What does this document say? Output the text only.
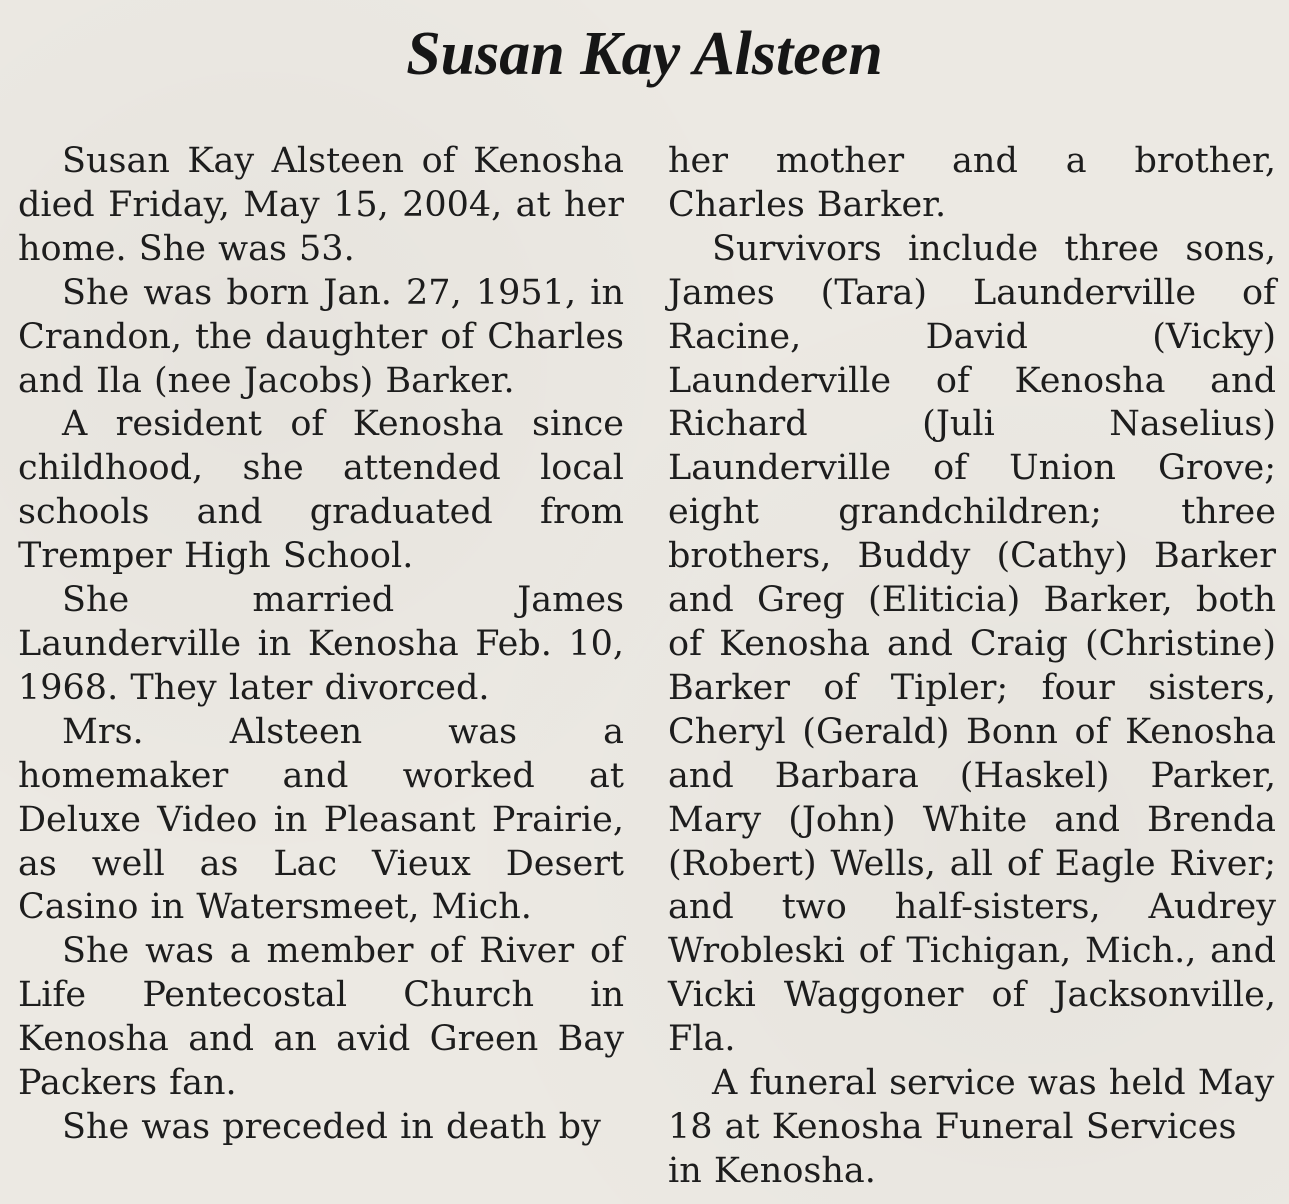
Susan Kay Alsteen

Susan Kay Alsteen of Kenosha died Friday, May 15, 2004, at her home. She was 53.

She was born Jan. 27, 1951, in Crandon, the daughter of Charles and Ila (nee Jacobs) Barker.

A resident of Kenosha since childhood, she attended local schools and graduated from Tremper High School.

She married James Launderville in Kenosha Feb. 10, 1968. They later divorced.

Mrs. Alsteen was a homemaker and worked at Deluxe Video in Pleasant Prairie, as well as Lac Vieux Desert Casino in Watersmeet, Mich.

She was a member of River of Life Pentecostal Church in Kenosha and an avid Green Bay Packers fan.

She was preceded in death by

her mother and a brother, Charles Barker.

Survivors include three sons, James (Tara) Launderville of Racine, David (Vicky) Launderville of Kenosha and Richard (Juli Naselius) Launderville of Union Grove; eight grandchildren; three brothers, Buddy (Cathy) Barker and Greg (Eliticia) Barker, both of Kenosha and Craig (Christine) Barker of Tipler; four sisters, Cheryl (Gerald) Bonn of Kenosha and Barbara (Haskel) Parker, Mary (John) White and Brenda (Robert) Wells, all of Eagle River; and two half-sisters, Audrey Wrobleski of Tichigan, Mich., and Vicki Waggoner of Jacksonville, Fla.

A funeral service was held May 18 at Kenosha Funeral Services in Kenosha.
